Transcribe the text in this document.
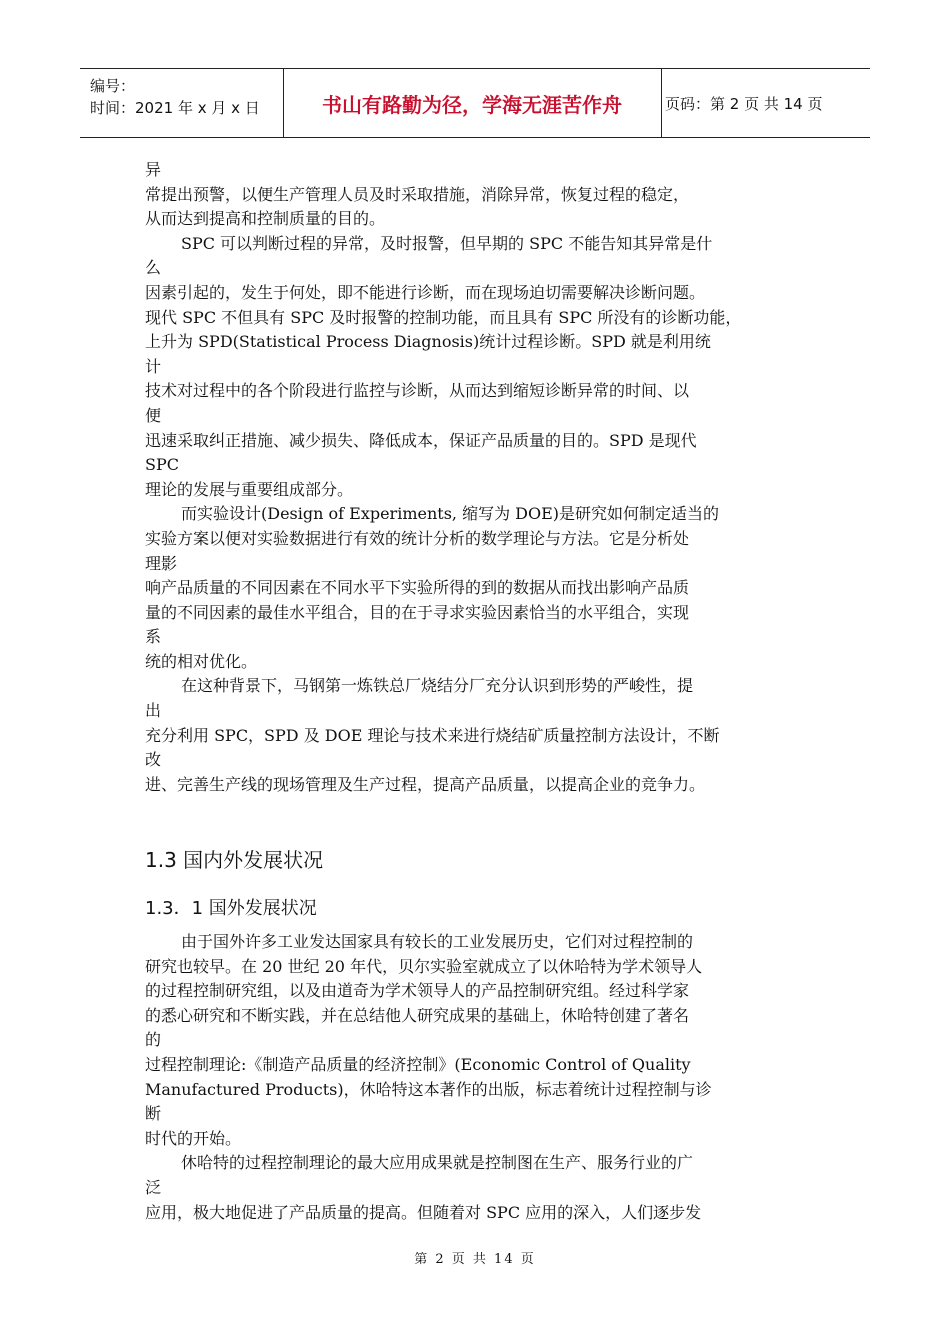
编号：
时间：2021 年 x 月 x 日	书山有路勤为径，学海无涯苦作舟	页码：第 2 页 共 14 页
异
常提出预警，以便生产管理人员及时采取措施，消除异常，恢复过程的稳定，
从而达到提高和控制质量的目的。
SPC 可以判断过程的异常，及时报警，但早期的 SPC 不能告知其异常是什
么
因素引起的，发生于何处，即不能进行诊断，而在现场迫切需要解决诊断问题。
现代 SPC 不但具有 SPC 及时报警的控制功能，而且具有 SPC 所没有的诊断功能，
上升为 SPD(Statistical Process Diagnosis)统计过程诊断。SPD 就是利用统
计
技术对过程中的各个阶段进行监控与诊断，从而达到缩短诊断异常的时间、以
便
迅速采取纠正措施、减少损失、降低成本，保证产品质量的目的。SPD 是现代
SPC
理论的发展与重要组成部分。
而实验设计(Design of Experiments, 缩写为 DOE)是研究如何制定适当的
实验方案以便对实验数据进行有效的统计分析的数学理论与方法。它是分析处
理影
响产品质量的不同因素在不同水平下实验所得的到的数据从而找出影响产品质
量的不同因素的最佳水平组合，目的在于寻求实验因素恰当的水平组合，实现
系
统的相对优化。
在这种背景下，马钢第一炼铁总厂烧结分厂充分认识到形势的严峻性，提
出
充分利用 SPC，SPD 及 DOE 理论与技术来进行烧结矿质量控制方法设计，不断
改
进、完善生产线的现场管理及生产过程，提高产品质量，以提高企业的竞争力。
1.3 国内外发展状况
1.3．1 国外发展状况
由于国外许多工业发达国家具有较长的工业发展历史，它们对过程控制的
研究也较早。在 20 世纪 20 年代，贝尔实验室就成立了以休哈特为学术领导人
的过程控制研究组，以及由道奇为学术领导人的产品控制研究组。经过科学家
的悉心研究和不断实践，并在总结他人研究成果的基础上，休哈特创建了著名
的
过程控制理论:《制造产品质量的经济控制》(Economic Control of Quality
Manufactured Products)，休哈特这本著作的出版，标志着统计过程控制与诊
断
时代的开始。
休哈特的过程控制理论的最大应用成果就是控制图在生产、服务行业的广
泛
应用，极大地促进了产品质量的提高。但随着对 SPC 应用的深入，人们逐步发
第 2 页 共 14 页
